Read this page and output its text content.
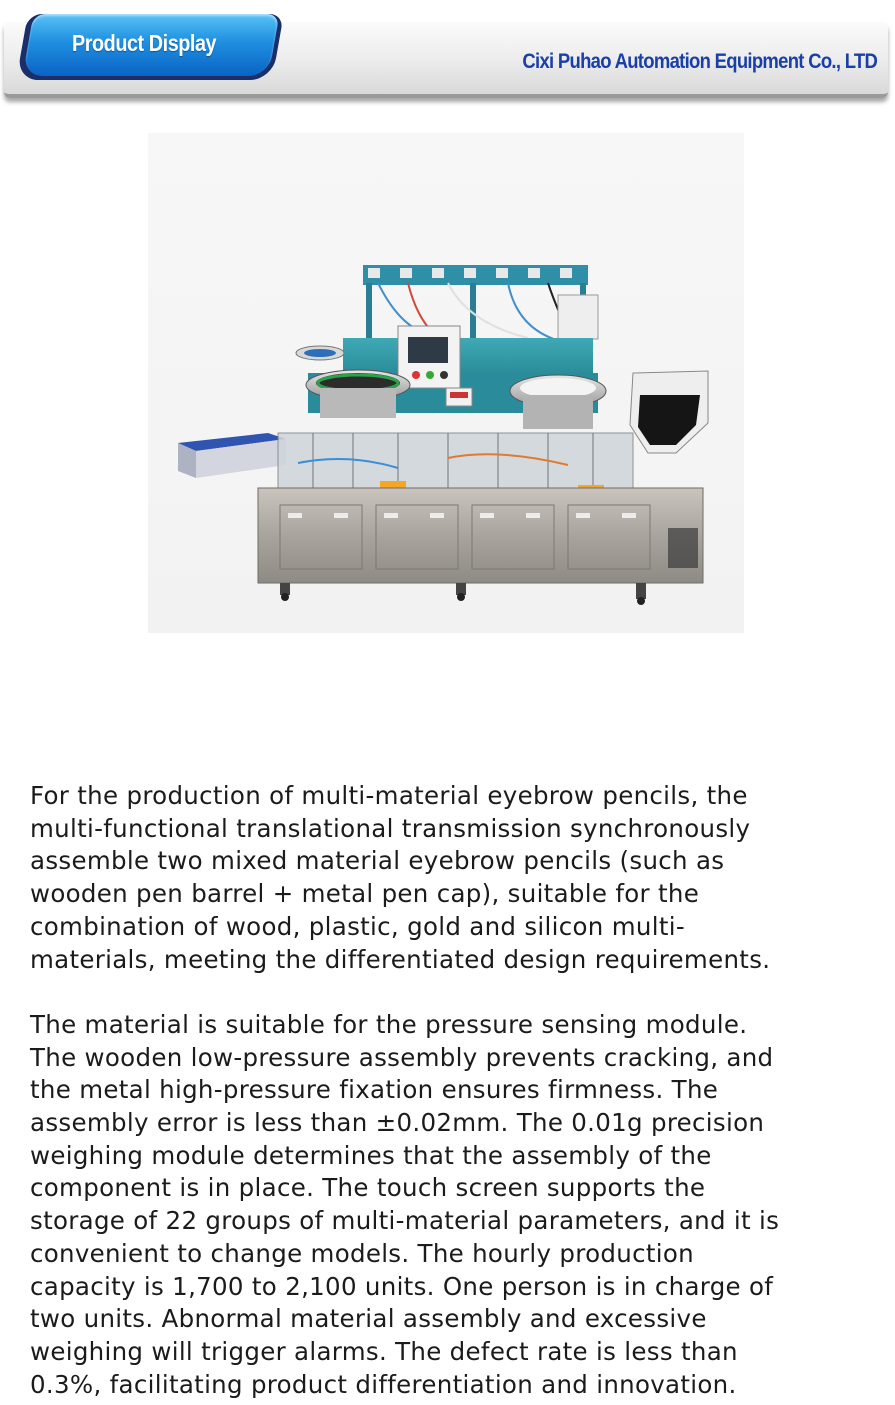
Product Display
Cixi Puhao Automation Equipment Co., LTD

For the production of multi-material eyebrow pencils, the
multi-functional translational transmission synchronously
assemble two mixed material eyebrow pencils (such as
wooden pen barrel + metal pen cap), suitable for the
combination of wood, plastic, gold and silicon multi-
materials, meeting the differentiated design requirements.

The material is suitable for the pressure sensing module.
The wooden low-pressure assembly prevents cracking, and
the metal high-pressure fixation ensures firmness. The
assembly error is less than ±0.02mm. The 0.01g precision
weighing module determines that the assembly of the
component is in place. The touch screen supports the
storage of 22 groups of multi-material parameters, and it is
convenient to change models. The hourly production
capacity is 1,700 to 2,100 units. One person is in charge of
two units. Abnormal material assembly and excessive
weighing will trigger alarms. The defect rate is less than
0.3%, facilitating product differentiation and innovation.
